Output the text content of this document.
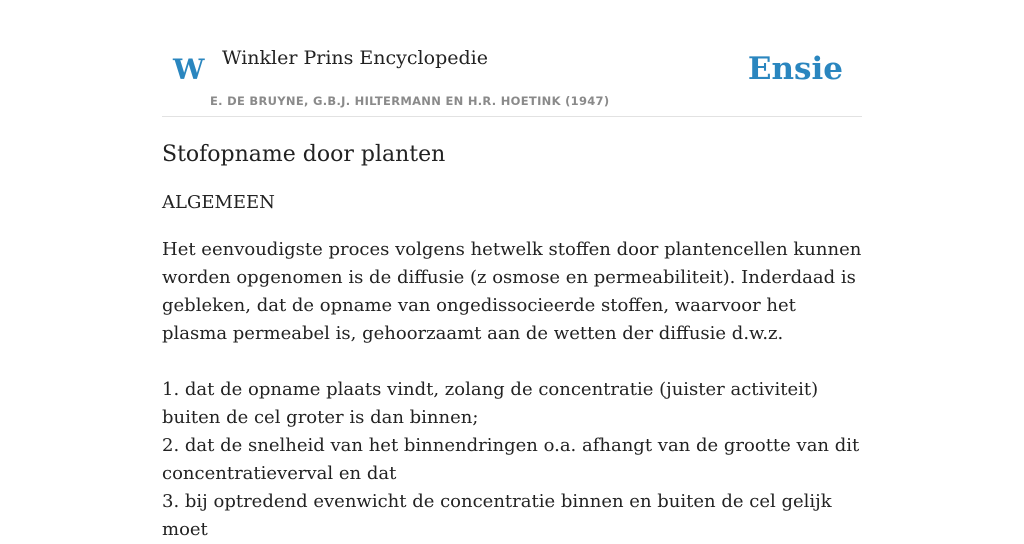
W Winkler Prins Encyclopedie
E. DE BRUYNE, G.B.J. HILTERMANN EN H.R. HOETINK (1947)
Ensie
Stofopname door planten
ALGEMEEN

Het eenvoudigste proces volgens hetwelk stoffen door plantencellen kunnen worden opgenomen is de diffusie (z osmose en permeabiliteit). Inderdaad is gebleken, dat de opname van ongedissocieerde stoffen, waarvoor het plasma permeabel is, gehoorzaamt aan de wetten der diffusie d.w.z.

1. dat de opname plaats vindt, zolang de concentratie (juister activiteit) buiten de cel groter is dan binnen;

2. dat de snelheid van het binnendringen o.a. afhangt van de grootte van dit concentratieverval en dat

3. bij optredend evenwicht de concentratie binnen en buiten de cel gelijk moet
